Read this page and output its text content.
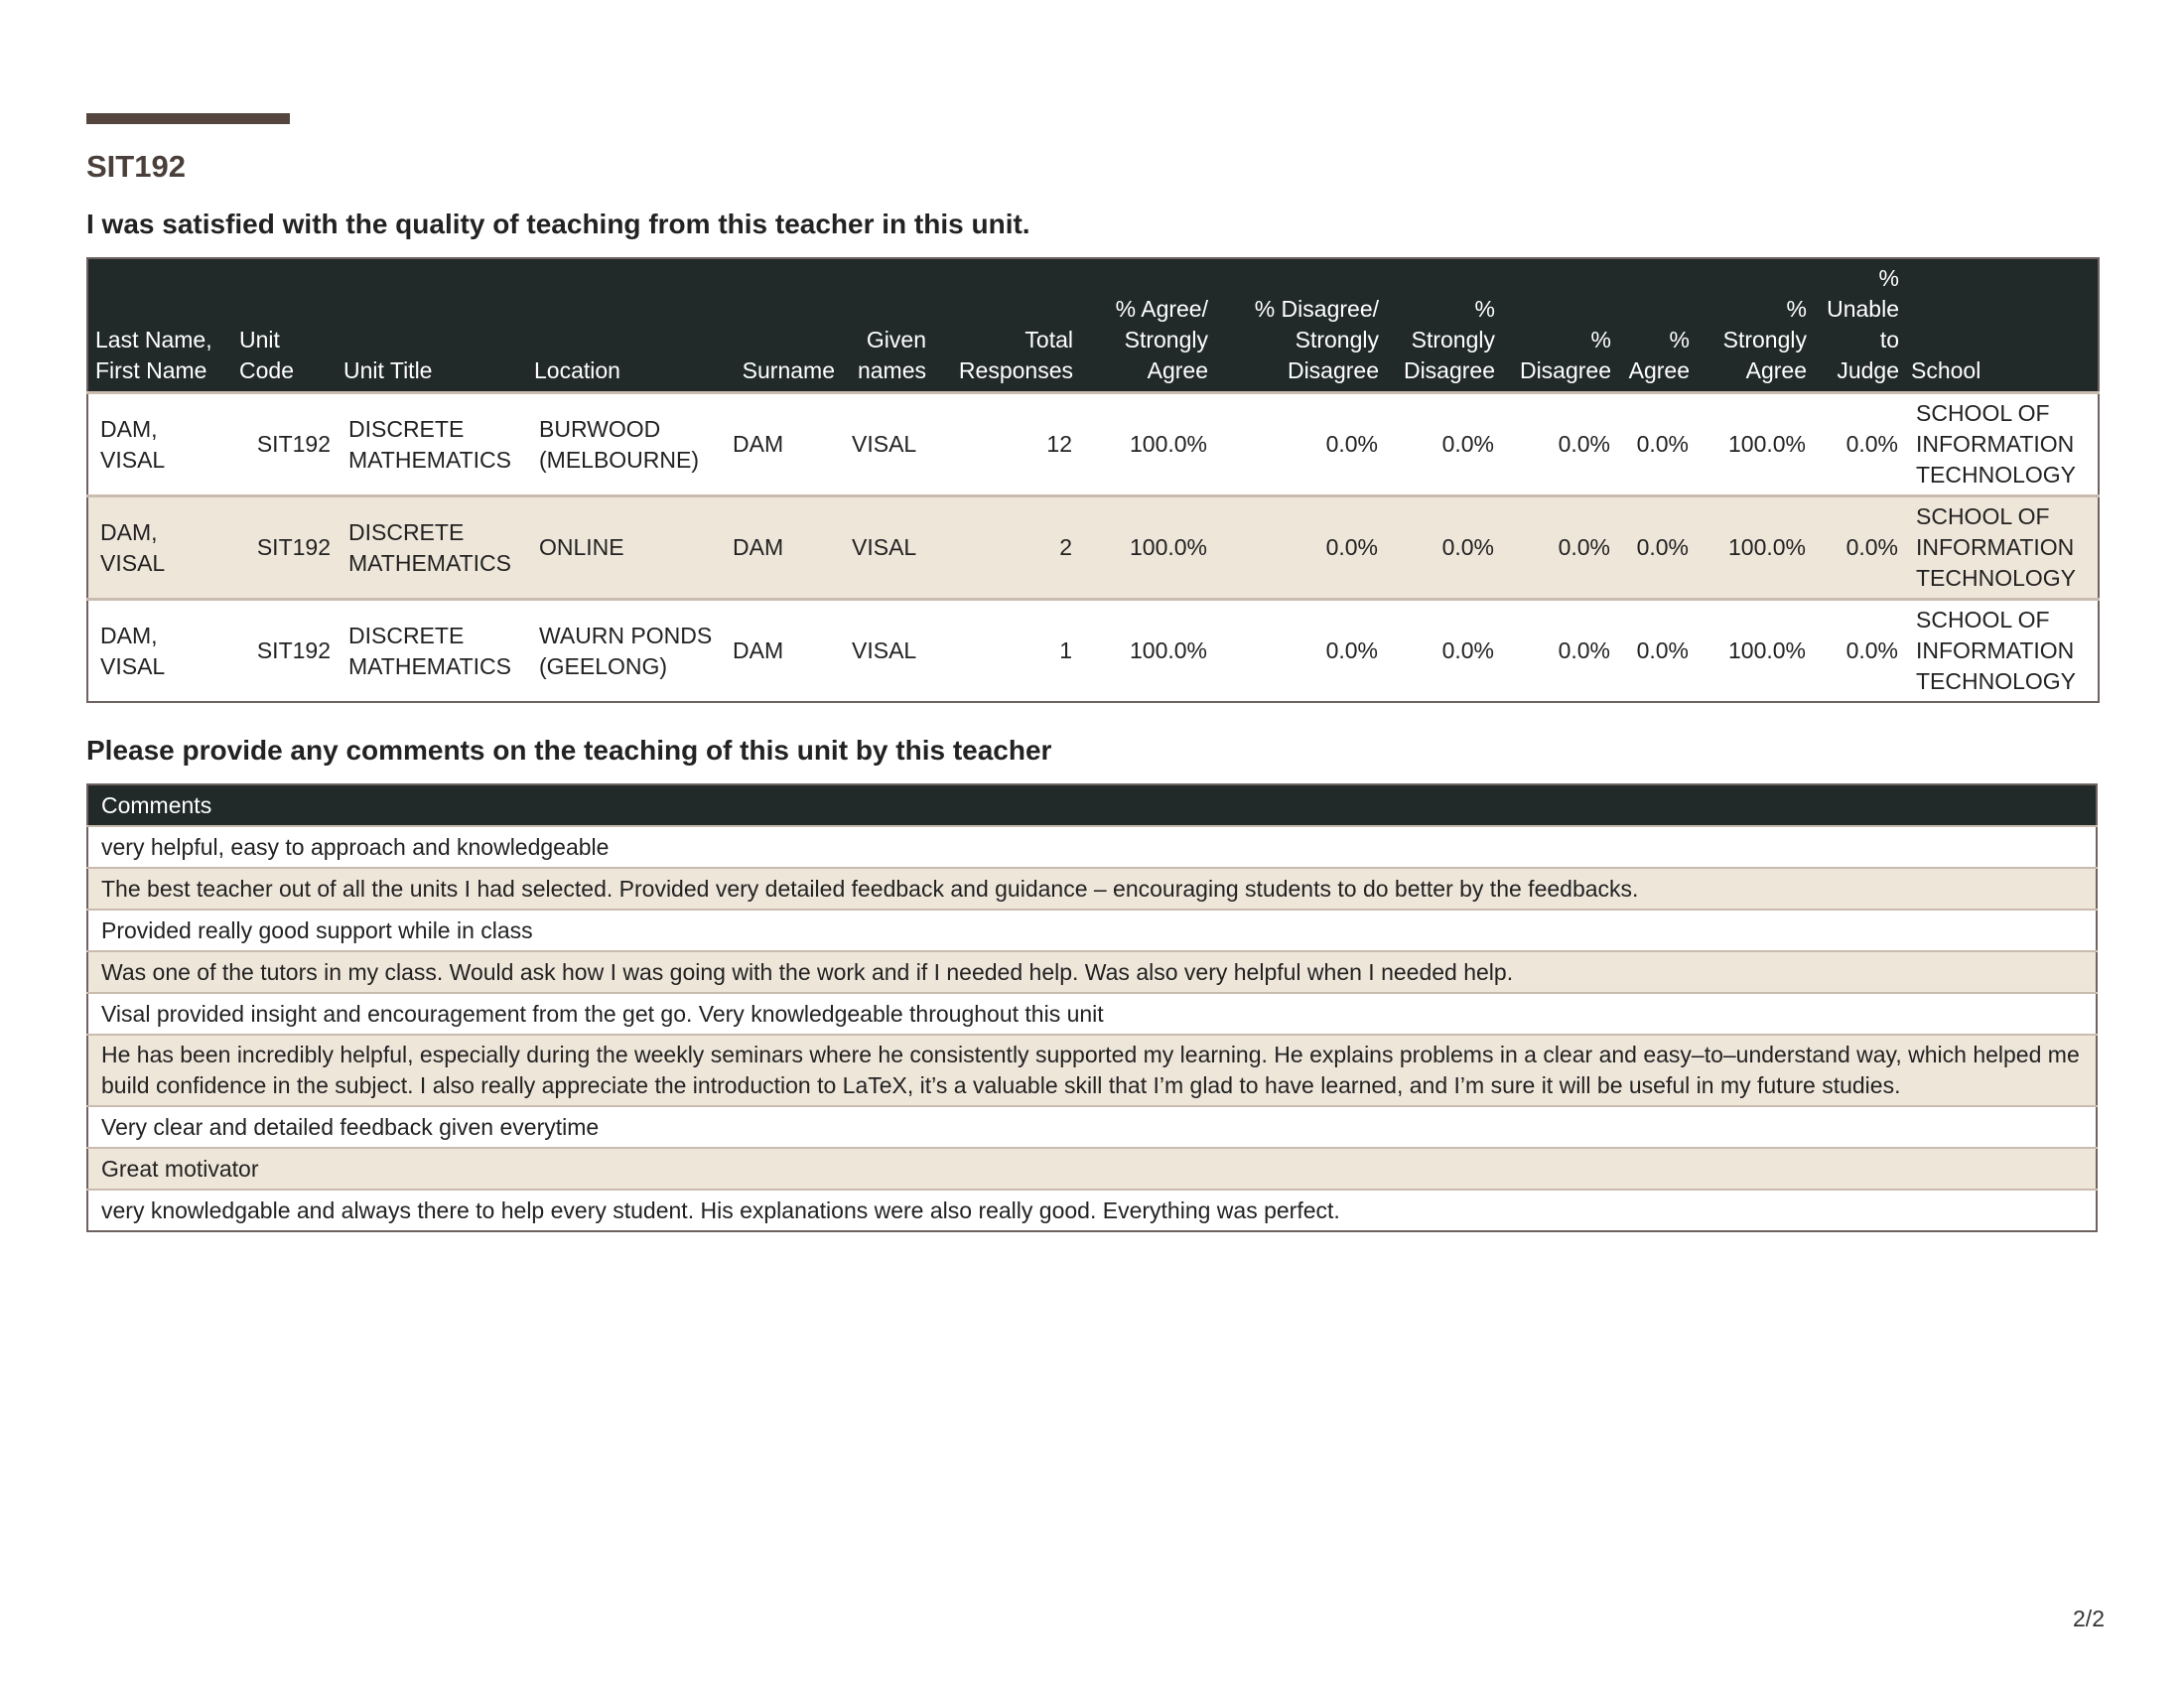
SIT192
I was satisfied with the quality of teaching from this teacher in this unit.
Last Name, First Name	Unit Code	Unit Title	Location	Surname	Given names	Total Responses	% Agree/ Strongly Agree	% Disagree/ Strongly Disagree	% Strongly Disagree	% Disagree	% Agree	% Strongly Agree	% Unable to Judge	School
DAM, VISAL	SIT192	DISCRETE MATHEMATICS	BURWOOD (MELBOURNE)	DAM	VISAL	12	100.0%	0.0%	0.0%	0.0%	0.0%	100.0%	0.0%	SCHOOL OF INFORMATION TECHNOLOGY
DAM, VISAL	SIT192	DISCRETE MATHEMATICS	ONLINE	DAM	VISAL	2	100.0%	0.0%	0.0%	0.0%	0.0%	100.0%	0.0%	SCHOOL OF INFORMATION TECHNOLOGY
DAM, VISAL	SIT192	DISCRETE MATHEMATICS	WAURN PONDS (GEELONG)	DAM	VISAL	1	100.0%	0.0%	0.0%	0.0%	0.0%	100.0%	0.0%	SCHOOL OF INFORMATION TECHNOLOGY
Please provide any comments on the teaching of this unit by this teacher
Comments
very helpful, easy to approach and knowledgeable
The best teacher out of all the units I had selected. Provided very detailed feedback and guidance – encouraging students to do better by the feedbacks.
Provided really good support while in class
Was one of the tutors in my class. Would ask how I was going with the work and if I needed help. Was also very helpful when I needed help.
Visal provided insight and encouragement from the get go. Very knowledgeable throughout this unit
He has been incredibly helpful, especially during the weekly seminars where he consistently supported my learning. He explains problems in a clear and easy–to–understand way, which helped me build confidence in the subject. I also really appreciate the introduction to LaTeX, it’s a valuable skill that I’m glad to have learned, and I’m sure it will be useful in my future studies.
Very clear and detailed feedback given everytime
Great motivator
very knowledgable and always there to help every student. His explanations were also really good. Everything was perfect.
2/2
